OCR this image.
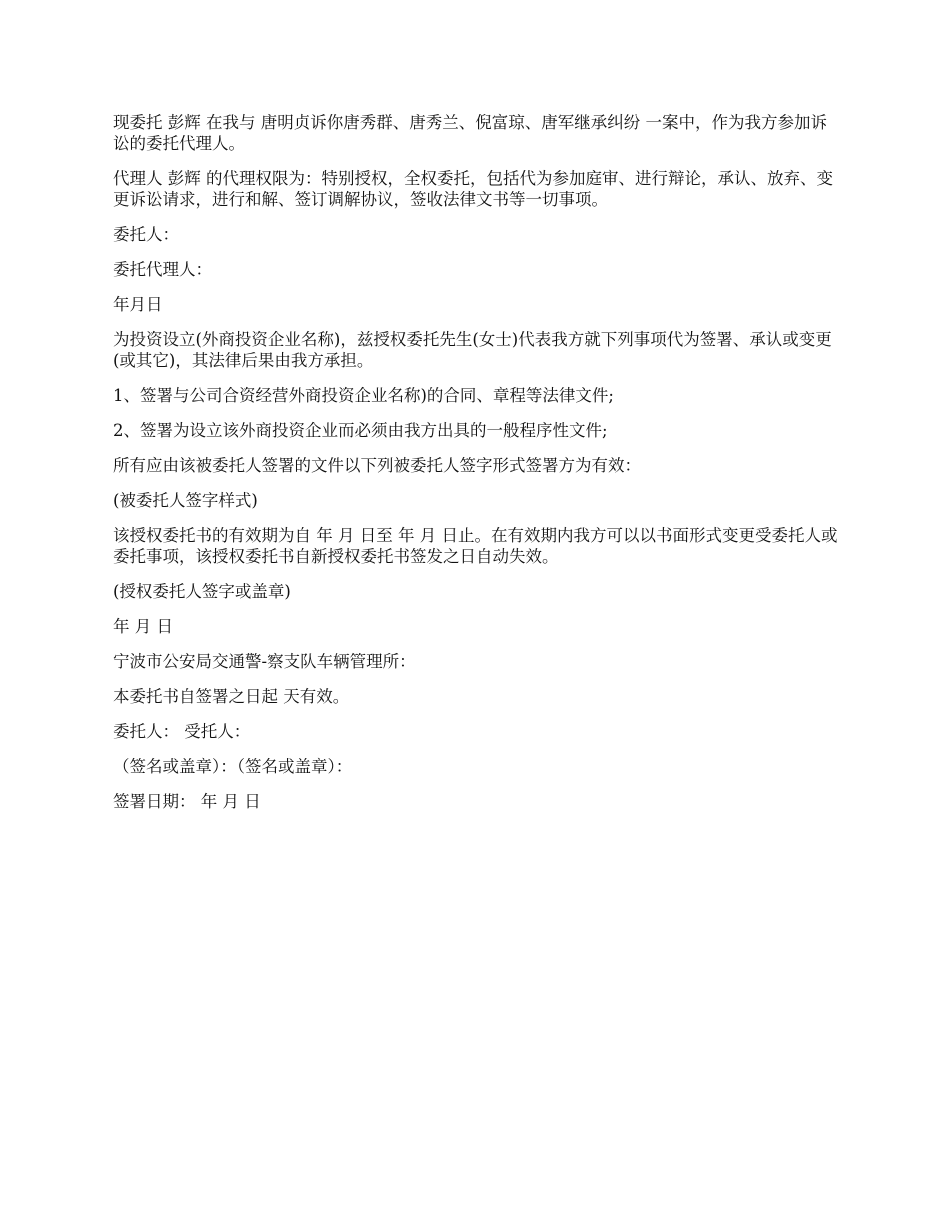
现委托 彭辉 在我与 唐明贞诉你唐秀群、唐秀兰、倪富琼、唐军继承纠纷 一案中，作为我方参加诉讼的委托代理人。

代理人 彭辉 的代理权限为：特别授权，全权委托，包括代为参加庭审、进行辩论，承认、放弃、变更诉讼请求，进行和解、签订调解协议，签收法律文书等一切事项。

委托人：

委托代理人：

年月日

为投资设立(外商投资企业名称)，兹授权委托先生(女士)代表我方就下列事项代为签署、承认或变更(或其它)，其法律后果由我方承担。

1、签署与公司合资经营外商投资企业名称)的合同、章程等法律文件;

2、签署为设立该外商投资企业而必须由我方出具的一般程序性文件;

所有应由该被委托人签署的文件以下列被委托人签字形式签署方为有效：

(被委托人签字样式)

该授权委托书的有效期为自 年 月 日至 年 月 日止。在有效期内我方可以以书面形式变更受委托人或委托事项，该授权委托书自新授权委托书签发之日自动失效。

(授权委托人签字或盖章)

年 月 日

宁波市公安局交通警-察支队车辆管理所：

本委托书自签署之日起 天有效。

委托人： 受托人：

（签名或盖章）：（签名或盖章）：

签署日期： 年 月 日
